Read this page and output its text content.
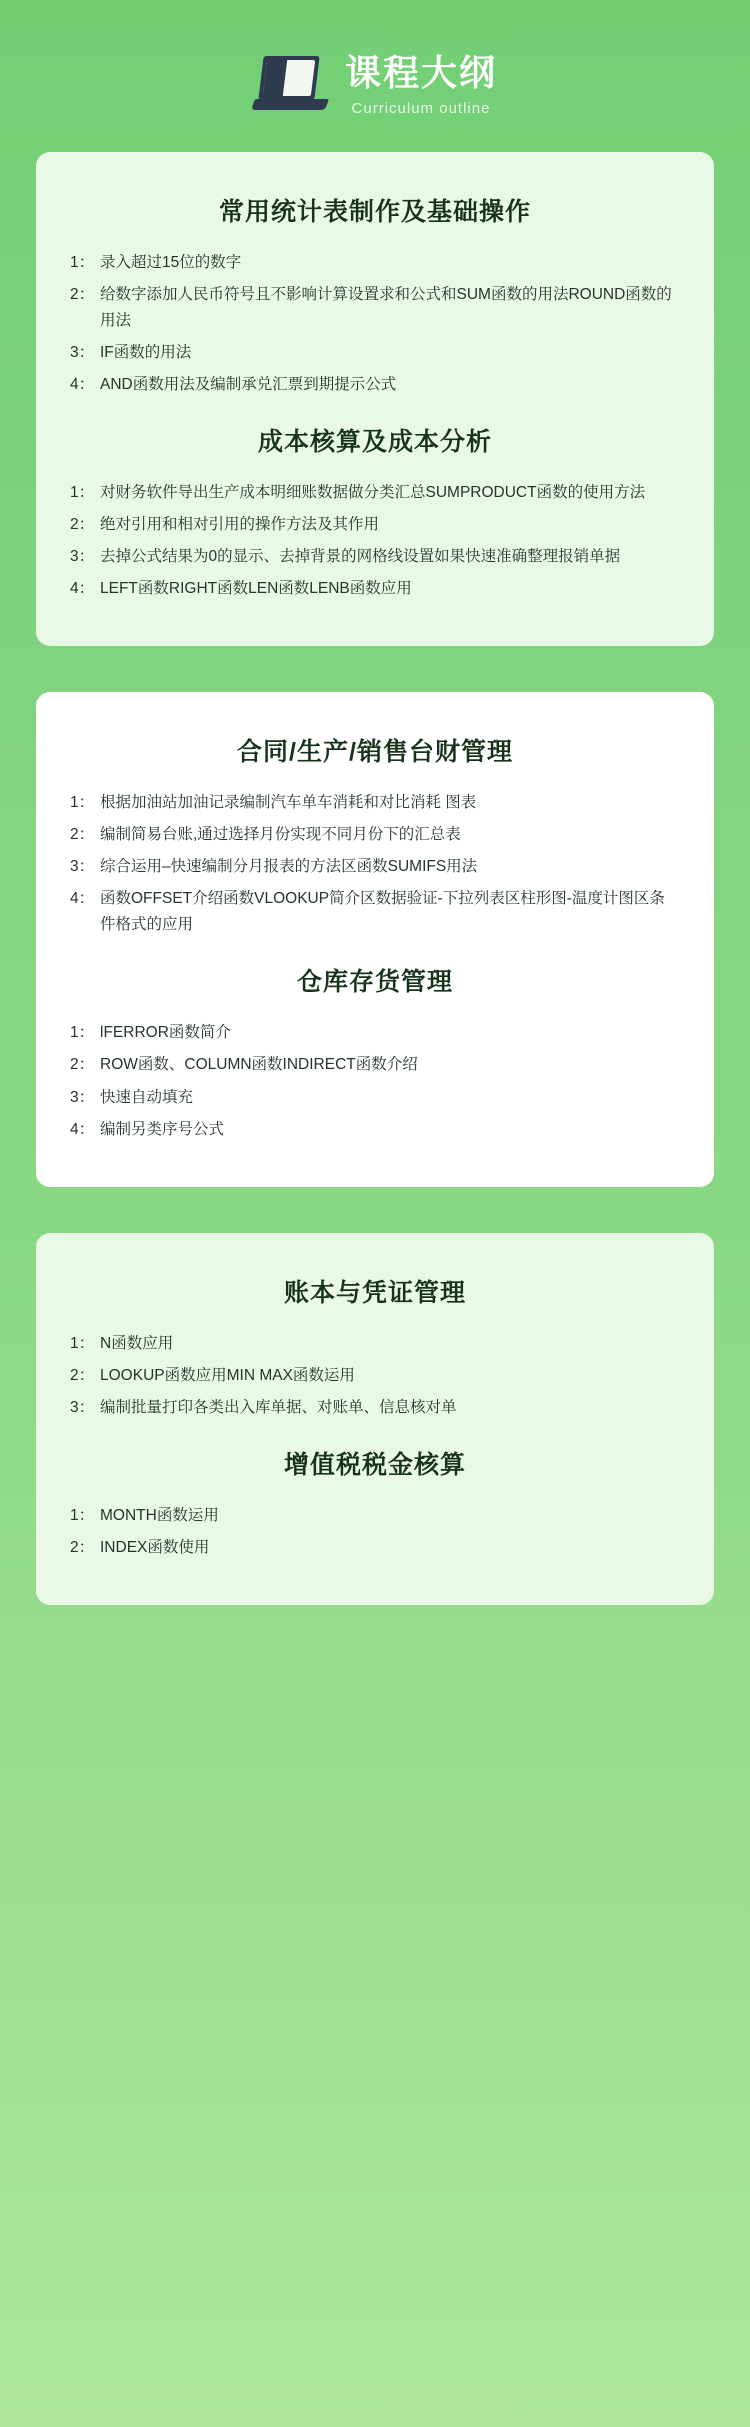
课程大纲
Curriculum outline
常用统计表制作及基础操作
1： 录入超过15位的数字
2： 给数字添加人民币符号且不影响计算设置求和公式和SUM函数的用法ROUND函数的用法
3： IF函数的用法
4： AND函数用法及编制承兑汇票到期提示公式
成本核算及成本分析
1： 对财务软件导出生产成本明细账数据做分类汇总SUMPRODUCT函数的使用方法
2： 绝对引用和相对引用的操作方法及其作用
3： 去掉公式结果为0的显示、去掉背景的网格线设置如果快速准确整理报销单据
4： LEFT函数RIGHT函数LEN函数LENB函数应用
合同/生产/销售台财管理
1： 根据加油站加油记录编制汽车单车消耗和对比消耗 图表
2： 编制简易台账,通过选择月份实现不同月份下的汇总表
3： 综合运用–快速编制分月报表的方法区函数SUMIFS用法
4： 函数OFFSET介绍函数VLOOKUP简介区数据验证-下拉列表区柱形图-温度计图区条件格式的应用
仓库存货管理
1： lFERROR函数简介
2： ROW函数、COLUMN函数INDIRECT函数介绍
3： 快速自动填充
4： 编制另类序号公式
账本与凭证管理
1： N函数应用
2： LOOKUP函数应用MIN MAX函数运用
3： 编制批量打印各类出入库单据、对账单、信息核对单
增值税税金核算
1： MONTH函数运用
2： INDEX函数使用
